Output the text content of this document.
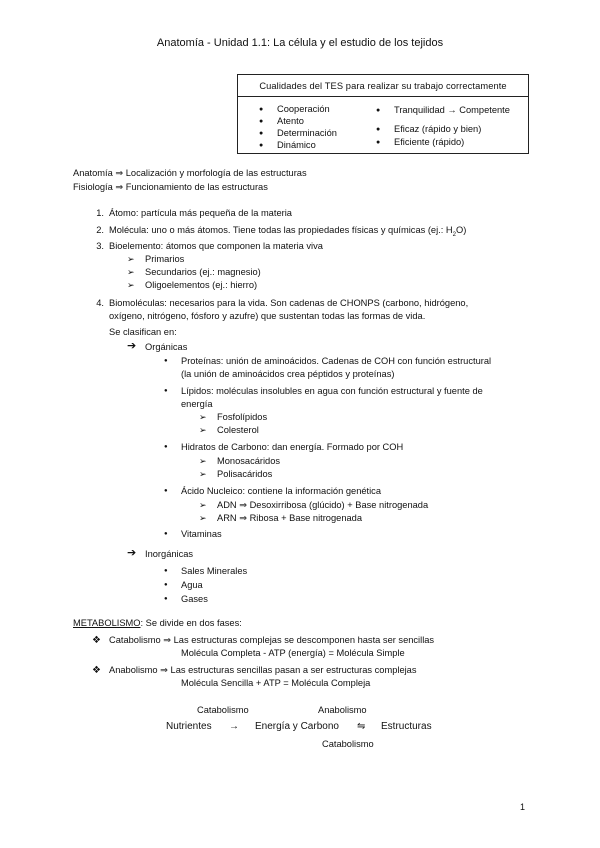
Anatomía - Unidad 1.1: La célula y el estudio de los tejidos
Cualidades del TES para realizar su trabajo correctamente
● Cooperación
● Atento
● Determinación
● Dinámico
● Tranquilidad → Competente
● Eficaz (rápido y bien)
● Eficiente (rápido)
Anatomía ⇒ Localización y morfología de las estructuras
Fisiología ⇒ Funcionamiento de las estructuras
1. Átomo: partícula más pequeña de la materia
2. Molécula: uno o más átomos. Tiene todas las propiedades físicas y químicas (ej.: $H_2O$)
3. Bioelemento: átomos que componen la materia viva
➢ Primarios
➢ Secundarios (ej.: magnesio)
➢ Oligoelementos (ej.: hierro)
4. Biomoléculas: necesarios para la vida. Son cadenas de CHONPS (carbono, hidrógeno,
oxígeno, nitrógeno, fósforo y azufre) que sustentan todas las formas de vida.
Se clasifican en:
➔ Orgánicas
● Proteínas: unión de aminoácidos. Cadenas de COH con función estructural
(la unión de aminoácidos crea péptidos y proteínas)
● Lípidos: moléculas insolubles en agua con función estructural y fuente de
energía
➢ Fosfolípidos
➢ Colesterol
● Hidratos de Carbono: dan energía. Formado por COH
➢ Monosacáridos
➢ Polisacáridos
● Ácido Nucleico: contiene la información genética
➢ ADN ⇒ Desoxirribosa (glúcido) + Base nitrogenada
➢ ARN ⇒ Ribosa + Base nitrogenada
● Vitaminas
➔ Inorgánicas
● Sales Minerales
● Agua
● Gases
METABOLISMO: Se divide en dos fases:
❖ Catabolismo ⇒ Las estructuras complejas se descomponen hasta ser sencillas
Molécula Completa - ATP (energía) = Molécula Simple
❖ Anabolismo ⇒ Las estructuras sencillas pasan a ser estructuras complejas
Molécula Sencilla + ATP = Molécula Compleja
Catabolismo	Anabolismo
Nutrientes → Energía y Carbono ⇋ Estructuras
Catabolismo
1
